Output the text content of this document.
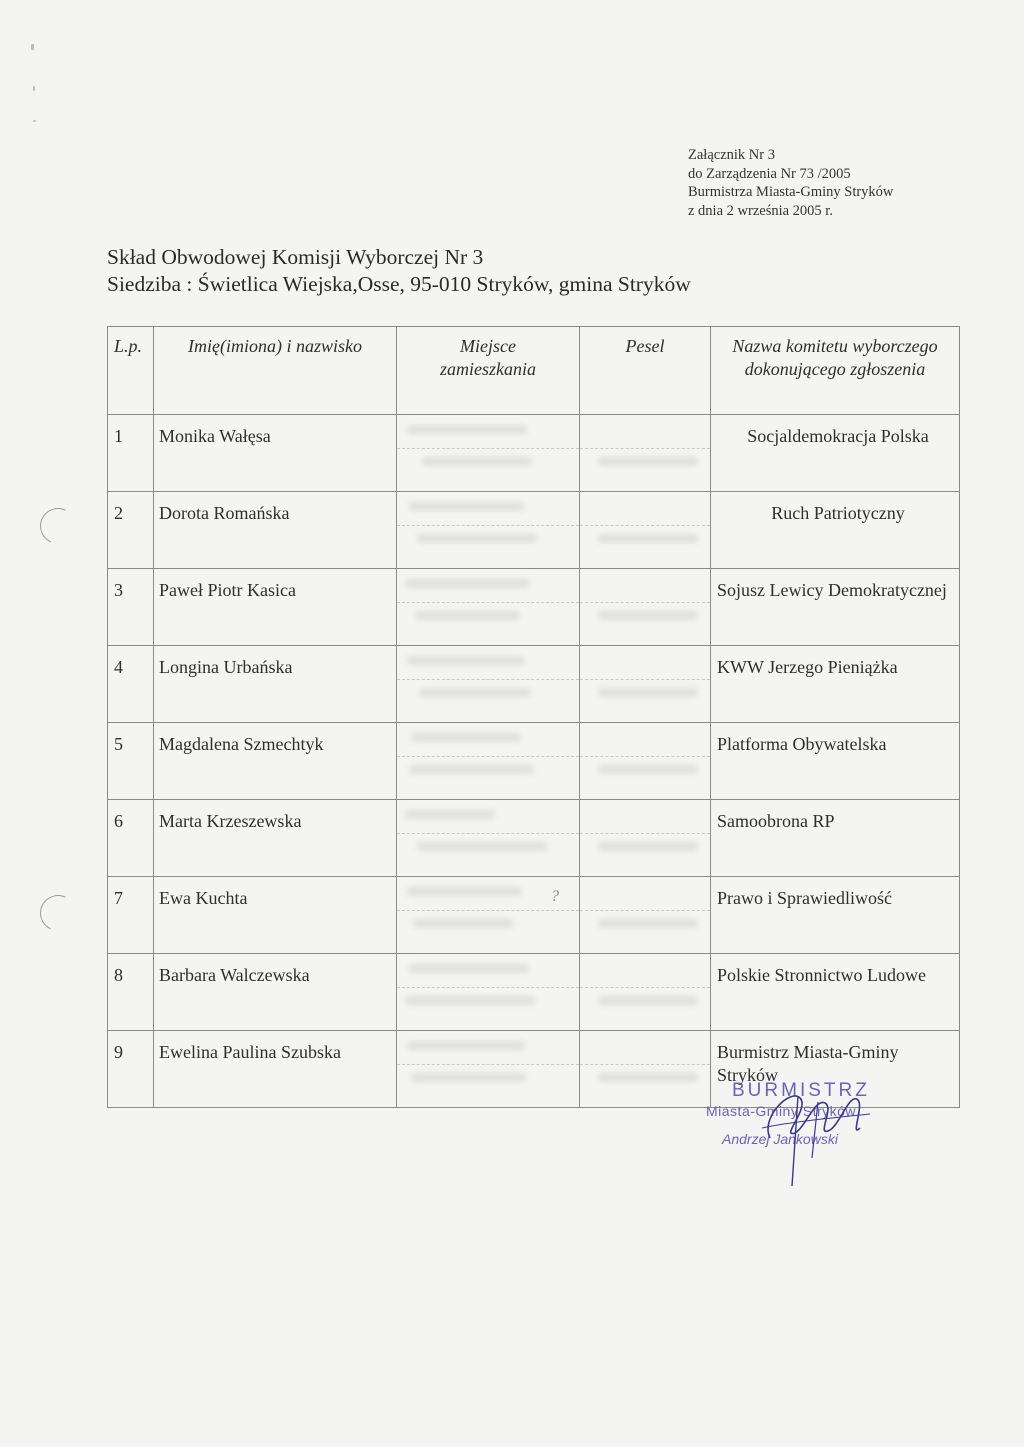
Załącznik Nr 3
do Zarządzenia Nr 73 /2005
Burmistrza Miasta-Gminy Stryków
z dnia 2 września 2005 r.
Skład Obwodowej Komisji Wyborczej Nr 3
Siedziba : Świetlica Wiejska,Osse, 95-010 Stryków, gmina Stryków
L.p.	Imię(imiona) i nazwisko	Miejsce zamieszkania	Pesel	Nazwa komitetu wyborczego dokonującego zgłoszenia
1	Monika Wałęsa			Socjaldemokracja Polska
2	Dorota Romańska			Ruch Patriotyczny
3	Paweł Piotr Kasica			Sojusz Lewicy Demokratycznej
4	Longina Urbańska			KWW Jerzego Pieniążka
5	Magdalena Szmechtyk			Platforma Obywatelska
6	Marta Krzeszewska			Samoobrona RP
7	Ewa Kuchta	?		Prawo i Sprawiedliwość
8	Barbara Walczewska			Polskie Stronnictwo Ludowe
9	Ewelina Paulina Szubska			Burmistrz Miasta-Gminy Stryków
BURMISTRZ
Miasta-Gminy Stryków
Andrzej Jankowski
